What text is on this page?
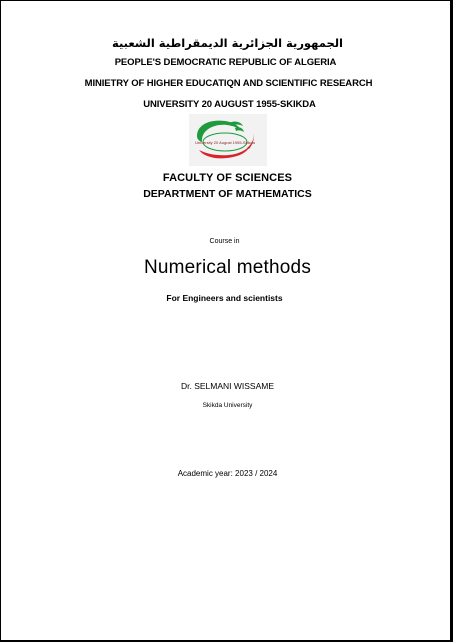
الجمهورية الجزائرية الديمقراطية الشعبية
PEOPLE'S DEMOCRATIC REPUBLIC OF ALGERIA
MINIETRY OF HIGHER EDUCATIQN AND SCIENTIFIC RESEARCH
UNIVERSITY 20 AUGUST 1955-SKIKDA
University 20 August 1955-Skikda
FACULTY OF SCIENCES
DEPARTMENT OF MATHEMATICS
Course in
Numerical methods
For Engineers and scientists
Dr. SELMANI WISSAME
Skikda University
Academic year: 2023 / 2024
